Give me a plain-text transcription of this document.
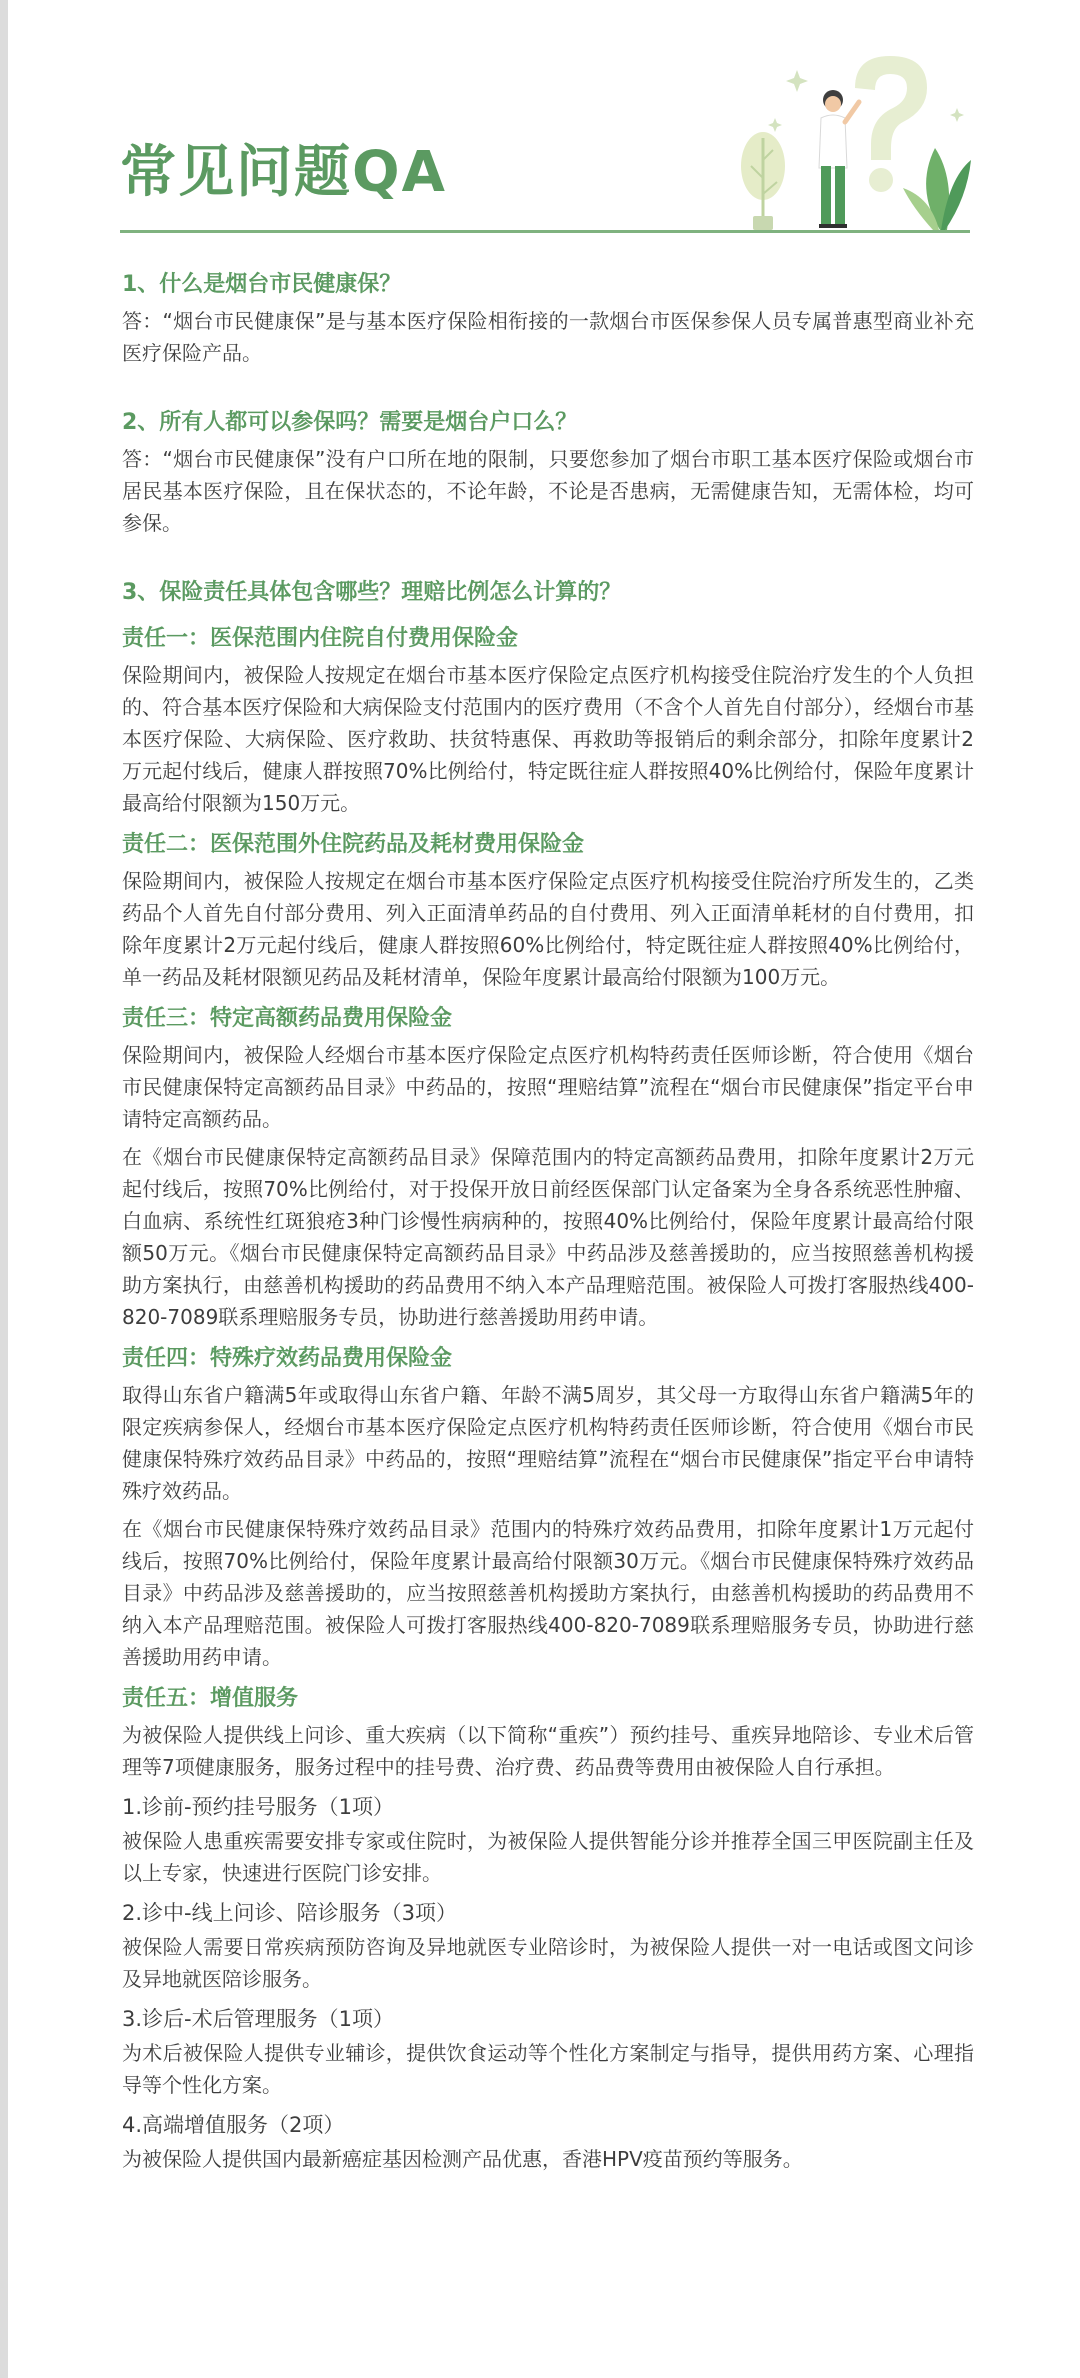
常见问题QA

1、什么是烟台市民健康保？

答：“烟台市民健康保”是与基本医疗保险相衔接的一款烟台市医保参保人员专属普惠型商业补充医疗保险产品。

2、所有人都可以参保吗？需要是烟台户口么？

答：“烟台市民健康保”没有户口所在地的限制，只要您参加了烟台市职工基本医疗保险或烟台市居民基本医疗保险，且在保状态的，不论年龄，不论是否患病，无需健康告知，无需体检，均可参保。

3、保险责任具体包含哪些？理赔比例怎么计算的？

责任一：医保范围内住院自付费用保险金

保险期间内，被保险人按规定在烟台市基本医疗保险定点医疗机构接受住院治疗发生的个人负担的、符合基本医疗保险和大病保险支付范围内的医疗费用（不含个人首先自付部分），经烟台市基本医疗保险、大病保险、医疗救助、扶贫特惠保、再救助等报销后的剩余部分，扣除年度累计2万元起付线后，健康人群按照70%比例给付，特定既往症人群按照40%比例给付，保险年度累计最高给付限额为150万元。

责任二：医保范围外住院药品及耗材费用保险金

保险期间内，被保险人按规定在烟台市基本医疗保险定点医疗机构接受住院治疗所发生的，乙类药品个人首先自付部分费用、列入正面清单药品的自付费用、列入正面清单耗材的自付费用，扣除年度累计2万元起付线后，健康人群按照60%比例给付，特定既往症人群按照40%比例给付，单一药品及耗材限额见药品及耗材清单，保险年度累计最高给付限额为100万元。

责任三：特定高额药品费用保险金

保险期间内，被保险人经烟台市基本医疗保险定点医疗机构特药责任医师诊断，符合使用《烟台市民健康保特定高额药品目录》中药品的，按照“理赔结算”流程在“烟台市民健康保”指定平台申请特定高额药品。

在《烟台市民健康保特定高额药品目录》保障范围内的特定高额药品费用，扣除年度累计2万元起付线后，按照70%比例给付，对于投保开放日前经医保部门认定备案为全身各系统恶性肿瘤、白血病、系统性红斑狼疮3种门诊慢性病病种的，按照40%比例给付，保险年度累计最高给付限额50万元。《烟台市民健康保特定高额药品目录》中药品涉及慈善援助的，应当按照慈善机构援助方案执行，由慈善机构援助的药品费用不纳入本产品理赔范围。被保险人可拨打客服热线400-820-7089联系理赔服务专员，协助进行慈善援助用药申请。

责任四：特殊疗效药品费用保险金

取得山东省户籍满5年或取得山东省户籍、年龄不满5周岁，其父母一方取得山东省户籍满5年的限定疾病参保人，经烟台市基本医疗保险定点医疗机构特药责任医师诊断，符合使用《烟台市民健康保特殊疗效药品目录》中药品的，按照“理赔结算”流程在“烟台市民健康保”指定平台申请特殊疗效药品。

在《烟台市民健康保特殊疗效药品目录》范围内的特殊疗效药品费用，扣除年度累计1万元起付线后，按照70%比例给付，保险年度累计最高给付限额30万元。《烟台市民健康保特殊疗效药品目录》中药品涉及慈善援助的，应当按照慈善机构援助方案执行，由慈善机构援助的药品费用不纳入本产品理赔范围。被保险人可拨打客服热线400-820-7089联系理赔服务专员，协助进行慈善援助用药申请。

责任五：增值服务

为被保险人提供线上问诊、重大疾病（以下简称“重疾”）预约挂号、重疾异地陪诊、专业术后管理等7项健康服务，服务过程中的挂号费、治疗费、药品费等费用由被保险人自行承担。

1.诊前-预约挂号服务（1项）

被保险人患重疾需要安排专家或住院时，为被保险人提供智能分诊并推荐全国三甲医院副主任及以上专家，快速进行医院门诊安排。

2.诊中-线上问诊、陪诊服务（3项）

被保险人需要日常疾病预防咨询及异地就医专业陪诊时，为被保险人提供一对一电话或图文问诊及异地就医陪诊服务。

3.诊后-术后管理服务（1项）

为术后被保险人提供专业辅诊，提供饮食运动等个性化方案制定与指导，提供用药方案、心理指导等个性化方案。

4.高端增值服务（2项）

为被保险人提供国内最新癌症基因检测产品优惠，香港HPV疫苗预约等服务。
